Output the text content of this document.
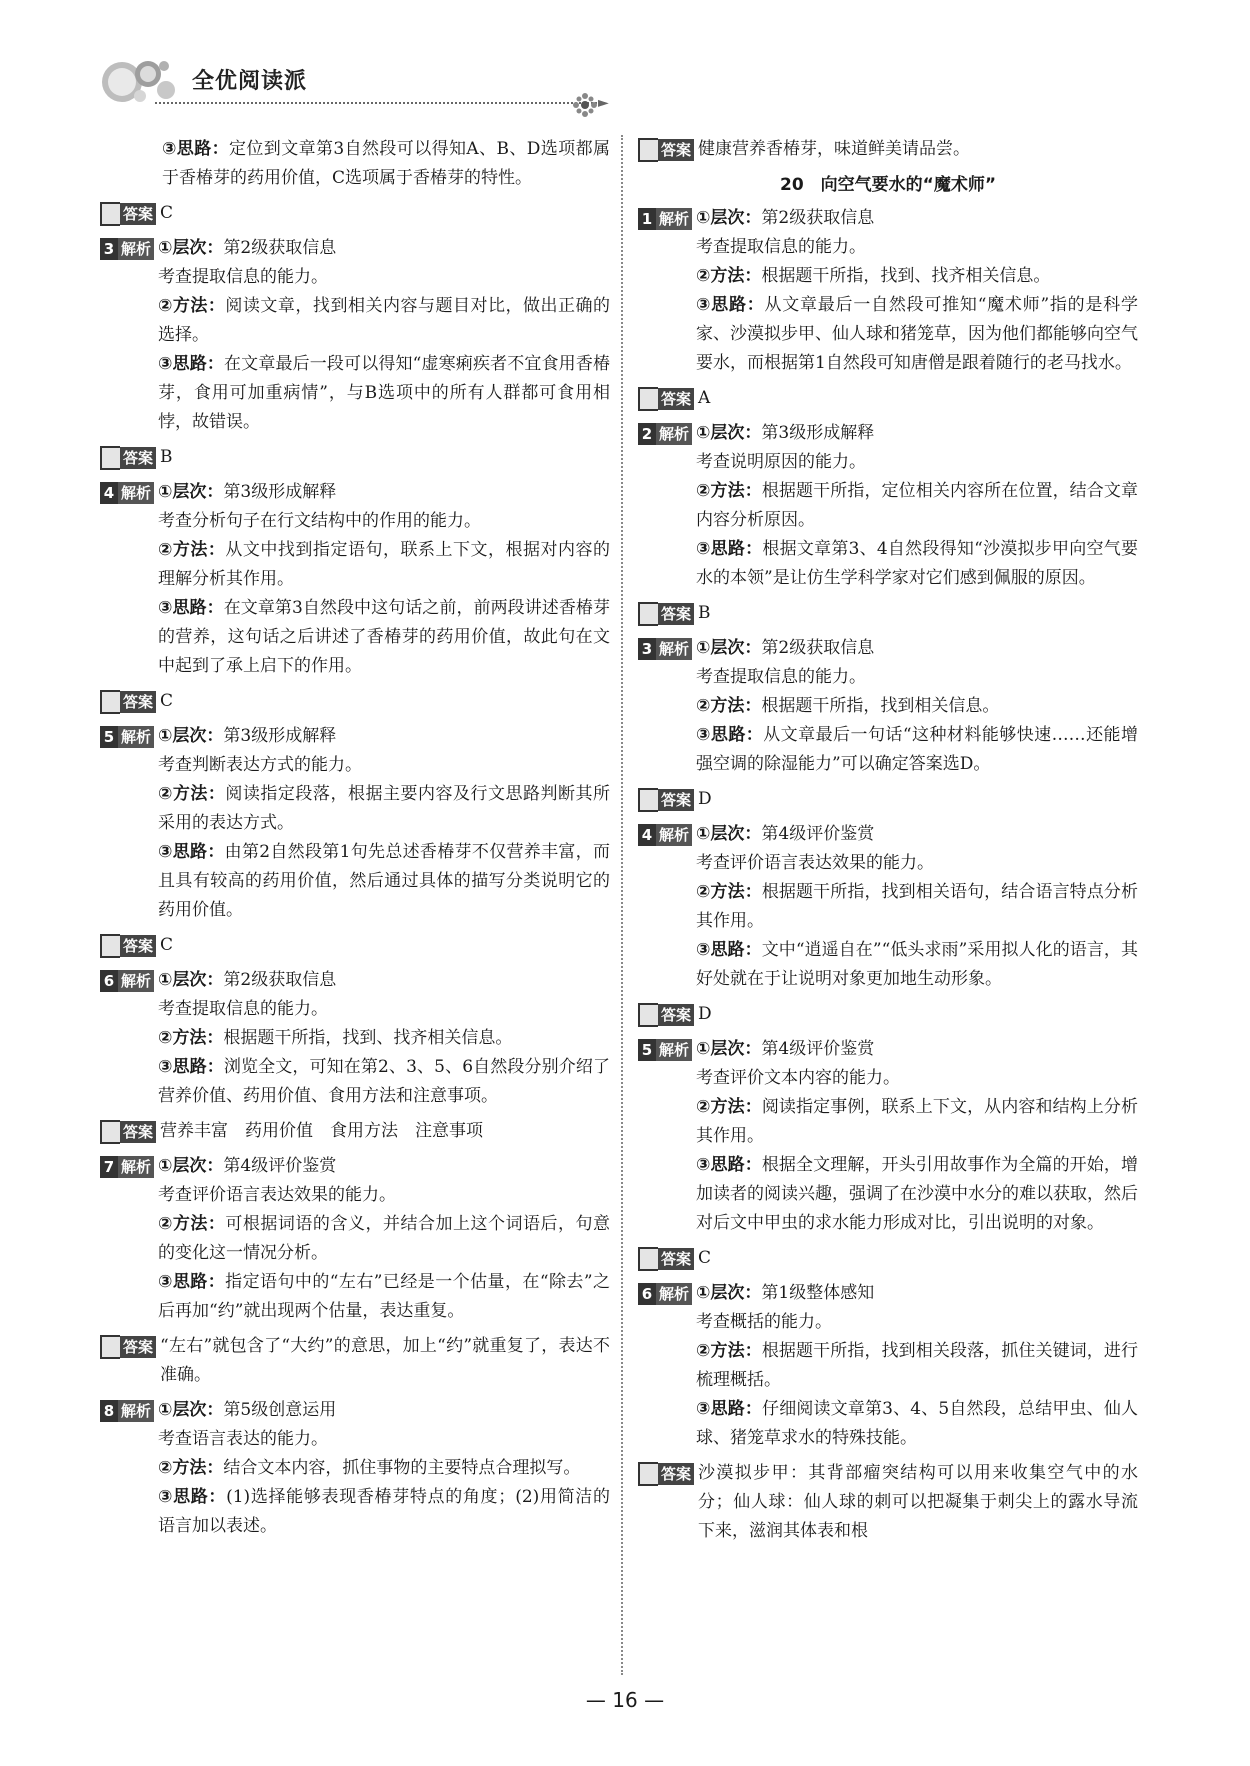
全优阅读派
►
③思路：定位到文章第3自然段可以得知A、B、D选项都属于香椿芽的药用价值，C选项属于香椿芽的特性。
答案 C
3 解析 ①层次：第2级获取信息
考查提取信息的能力。
②方法：阅读文章，找到相关内容与题目对比，做出正确的选择。
③思路：在文章最后一段可以得知“虚寒痢疾者不宜食用香椿芽，食用可加重病情”，与B选项中的所有人群都可食用相悖，故错误。
答案 B
4 解析 ①层次：第3级形成解释
考查分析句子在行文结构中的作用的能力。
②方法：从文中找到指定语句，联系上下文，根据对内容的理解分析其作用。
③思路：在文章第3自然段中这句话之前，前两段讲述香椿芽的营养，这句话之后讲述了香椿芽的药用价值，故此句在文中起到了承上启下的作用。
答案 C
5 解析 ①层次：第3级形成解释
考查判断表达方式的能力。
②方法：阅读指定段落，根据主要内容及行文思路判断其所采用的表达方式。
③思路：由第2自然段第1句先总述香椿芽不仅营养丰富，而且具有较高的药用价值，然后通过具体的描写分类说明它的药用价值。
答案 C
6 解析 ①层次：第2级获取信息
考查提取信息的能力。
②方法：根据题干所指，找到、找齐相关信息。
③思路：浏览全文，可知在第2、3、5、6自然段分别介绍了营养价值、药用价值、食用方法和注意事项。
答案 营养丰富　药用价值　食用方法　注意事项
7 解析 ①层次：第4级评价鉴赏
考查评价语言表达效果的能力。
②方法：可根据词语的含义，并结合加上这个词语后，句意的变化这一情况分析。
③思路：指定语句中的“左右”已经是一个估量，在“除去”之后再加“约”就出现两个估量，表达重复。
答案 “左右”就包含了“大约”的意思，加上“约”就重复了，表达不准确。
8 解析 ①层次：第5级创意运用
考查语言表达的能力。
②方法：结合文本内容，抓住事物的主要特点合理拟写。
③思路：(1)选择能够表现香椿芽特点的角度；(2)用简洁的语言加以表述。
答案 健康营养香椿芽，味道鲜美请品尝。
20　向空气要水的“魔术师”
1 解析 ①层次：第2级获取信息
考查提取信息的能力。
②方法：根据题干所指，找到、找齐相关信息。
③思路：从文章最后一自然段可推知“魔术师”指的是科学家、沙漠拟步甲、仙人球和猪笼草，因为他们都能够向空气要水，而根据第1自然段可知唐僧是跟着随行的老马找水。
答案 A
2 解析 ①层次：第3级形成解释
考查说明原因的能力。
②方法：根据题干所指，定位相关内容所在位置，结合文章内容分析原因。
③思路：根据文章第3、4自然段得知“沙漠拟步甲向空气要水的本领”是让仿生学科学家对它们感到佩服的原因。
答案 B
3 解析 ①层次：第2级获取信息
考查提取信息的能力。
②方法：根据题干所指，找到相关信息。
③思路：从文章最后一句话“这种材料能够快速……还能增强空调的除湿能力”可以确定答案选D。
答案 D
4 解析 ①层次：第4级评价鉴赏
考查评价语言表达效果的能力。
②方法：根据题干所指，找到相关语句，结合语言特点分析其作用。
③思路：文中“逍遥自在”“低头求雨”采用拟人化的语言，其好处就在于让说明对象更加地生动形象。
答案 D
5 解析 ①层次：第4级评价鉴赏
考查评价文本内容的能力。
②方法：阅读指定事例，联系上下文，从内容和结构上分析其作用。
③思路：根据全文理解，开头引用故事作为全篇的开始，增加读者的阅读兴趣，强调了在沙漠中水分的难以获取，然后对后文中甲虫的求水能力形成对比，引出说明的对象。
答案 C
6 解析 ①层次：第1级整体感知
考查概括的能力。
②方法：根据题干所指，找到相关段落，抓住关键词，进行梳理概括。
③思路：仔细阅读文章第3、4、5自然段，总结甲虫、仙人球、猪笼草求水的特殊技能。
答案 沙漠拟步甲：其背部瘤突结构可以用来收集空气中的水分；仙人球：仙人球的刺可以把凝集于刺尖上的露水导流下来，滋润其体表和根
— 16 —
